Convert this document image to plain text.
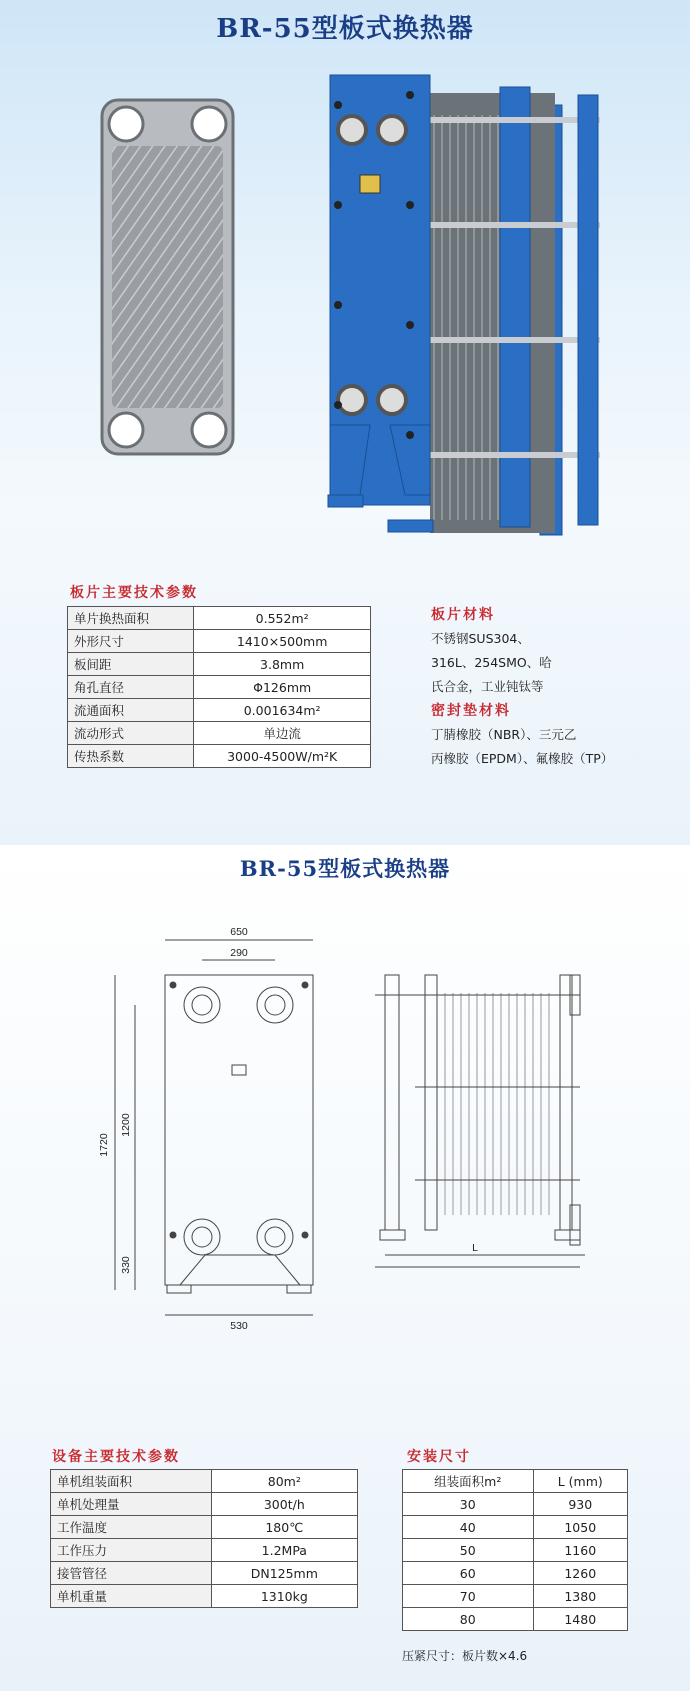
BR-55型板式换热器
板片主要技术参数
单片换热面积	0.552m²
外形尺寸	1410×500mm
板间距	3.8mm
角孔直径	Φ126mm
流通面积	0.001634m²
流动形式	单边流
传热系数	3000-4500W/m²K
板片材料
不锈钢SUS304、
316L、254SMO、哈
氏合金，工业钝钛等
密封垫材料
丁腈橡胶（NBR）、三元乙
丙橡胶（EPDM）、氟橡胶（TP）
BR-55型板式换热器
650
290
1720
1200
330
530
L
设备主要技术参数
单机组装面积	80m²
单机处理量	300t/h
工作温度	180℃
工作压力	1.2MPa
接管管径	DN125mm
单机重量	1310kg
安装尺寸
组装面积m²	L (mm)
30	930
40	1050
50	1160
60	1260
70	1380
80	1480
压紧尺寸：板片数×4.6
